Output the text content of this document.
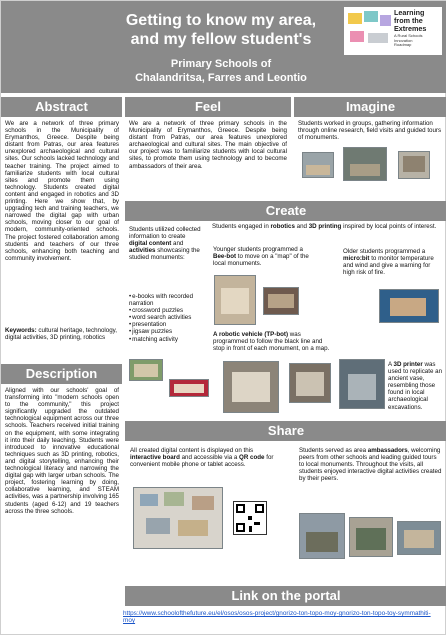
Getting to know my area,
and my fellow student's
Primary Schools of
Chalandritsa, Farres and Leontio
Learning
from the
Extremes
A Rural Schools
Innovation
Roadmap
Abstract
We are a network of three primary schools in the Municipality of Erymanthos, Greece. Despite being distant from Patras, our area features unexplored archaeological and cultural sites. Our schools lacked technology and teacher training. The project aimed to familiarize students with local cultural sites and promote them using technology. Students created digital content and engaged in robotics and 3D printing. Here we show that, by upgrading tech and training teachers, we narrowed the digital gap with urban schools, moving closer to our goal of modern, community-oriented schools. The project fostered collaboration among students and teachers of our three schools, enhancing both teaching and community involvement.
Keywords: cultural heritage, technology, digital activities, 3D printing, robotics
Description
Aligned with our schools' goal of transforming into "modern schools open to the community," this project significantly upgraded the outdated technological equipment across our three schools. Teachers received initial training on the equipment, with some integrating it into their daily teaching. Students were introduced to innovative educational techniques such as 3D printing, robotics, and digital storytelling, enhancing their technological literacy and narrowing the digital gap with larger urban schools. The project, fostering learning by doing, collaborative learning, and STEAM activities, was a partnership involving 165 students (aged 6-12) and 19 teachers across the three schools.
Feel
We are a network of three primary schools in the Municipality of Erymanthos, Greece. Despite being distant from Patras, our area features unexplored archaeological and cultural sites. The main objective of our project was to familiarize students with local cultural sites, to promote them using technology and to become ambassadors of their area.
Imagine
Students worked in groups, gathering information through online research, field visits and guided tours of monuments.
Create
Students utilized collected information to create digital content and activities showcasing the studied monuments:
• e-books with recorded narration
• crossword puzzles
• word search activities
• presentation
• jigsaw puzzles
• matching activity
Students engaged in robotics and 3D printing inspired by local points of interest.
Younger students programmed a Bee-bot to move on a "map" of the local monuments.
Older students programmed a micro:bit to monitor temperature and wind and give a warning for high risk of fire.
A robotic vehicle (TP-bot) was programmed to follow the black line and stop in front of each monument, on a map.
A 3D printer was used to replicate an ancient vase, resembling those found in local archaeological excavations.
Share
All created digital content is displayed on this interactive board and accessible via a QR code for convenient mobile phone or tablet access.
Students served as area ambassadors, welcoming peers from other schools and leading guided tours to local monuments. Throughout the visits, all students enjoyed interactive digital activities created by their peers.
Link on the portal
https://www.schoolofthefuture.eu/el/osos/osos-project/gnorizo-ton-topo-moy-gnorizo-ton-topo-toy-symmathiti-moy
